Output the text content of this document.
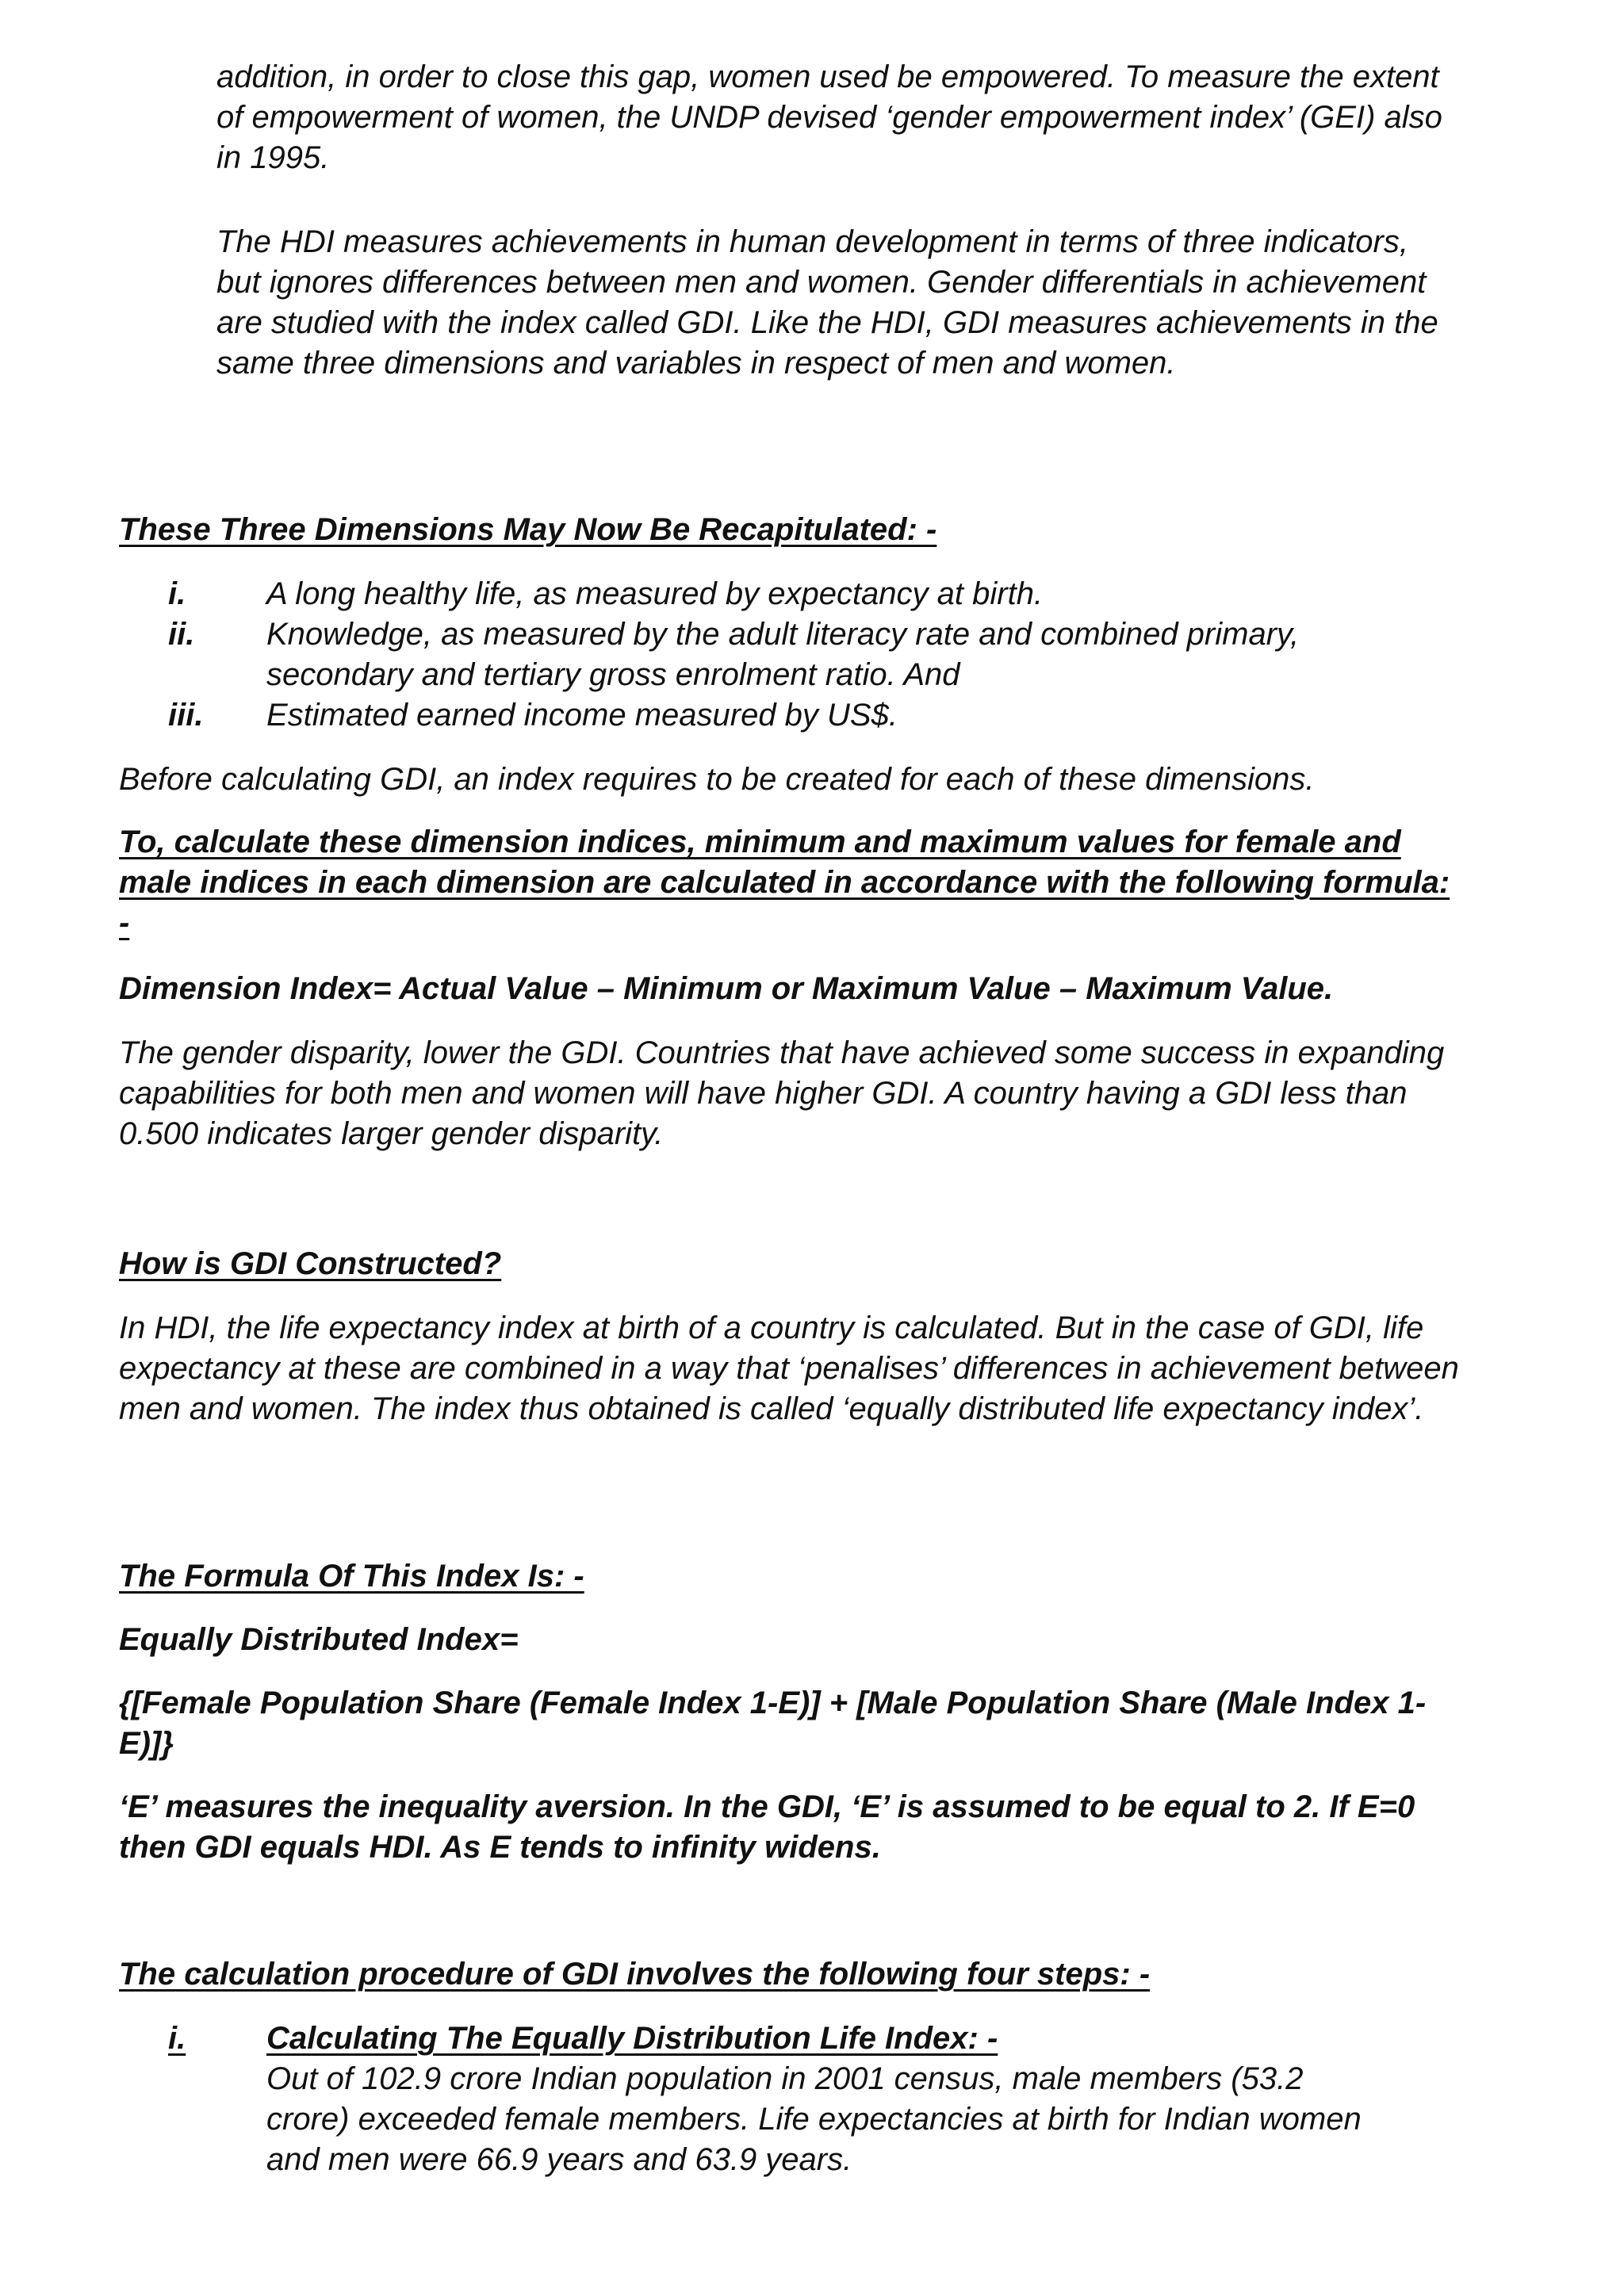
addition, in order to close this gap, women used be empowered. To measure the extent of empowerment of women, the UNDP devised ‘gender empowerment index’ (GEI) also in 1995.

The HDI measures achievements in human development in terms of three indicators, but ignores differences between men and women. Gender differentials in achievement are studied with the index called GDI. Like the HDI, GDI measures achievements in the same three dimensions and variables in respect of men and women.

These Three Dimensions May Now Be Recapitulated: -

i.	A long healthy life, as measured by expectancy at birth.
ii. Knowledge, as measured by the adult literacy rate and combined primary, secondary and tertiary gross enrolment ratio. And
iii. Estimated earned income measured by US$.

Before calculating GDI, an index requires to be created for each of these dimensions.

To, calculate these dimension indices, minimum and maximum values for female and male indices in each dimension are calculated in accordance with the following formula: -

Dimension Index= Actual Value – Minimum or Maximum Value – Maximum Value.

The gender disparity, lower the GDI. Countries that have achieved some success in expanding capabilities for both men and women will have higher GDI. A country having a GDI less than 0.500 indicates larger gender disparity.

How is GDI Constructed?

In HDI, the life expectancy index at birth of a country is calculated. But in the case of GDI, life expectancy at these are combined in a way that ‘penalises’ differences in achievement between men and women. The index thus obtained is called ‘equally distributed life expectancy index’.

The Formula Of This Index Is: -

Equally Distributed Index=

{[Female Population Share (Female Index 1-E)] + [Male Population Share (Male Index 1- E)]}

‘E’ measures the inequality aversion. In the GDI, ‘E’ is assumed to be equal to 2. If E=0 then GDI equals HDI. As E tends to infinity widens.

The calculation procedure of GDI involves the following four steps: -

i.	Calculating The Equally Distribution Life Index: -
Out of 102.9 crore Indian population in 2001 census, male members (53.2 crore) exceeded female members. Life expectancies at birth for Indian women and men were 66.9 years and 63.9 years.
